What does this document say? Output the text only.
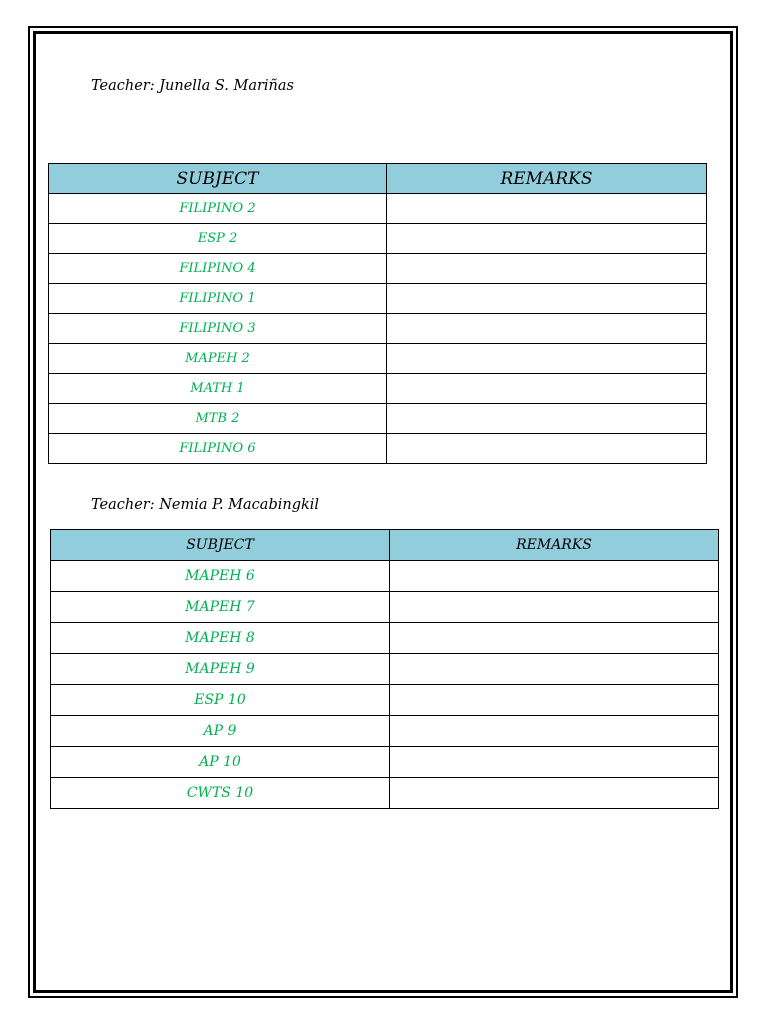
Teacher: Junella S. Mariñas
SUBJECT	REMARKS
FILIPINO 2	
ESP 2	
FILIPINO 4	
FILIPINO 1	
FILIPINO 3	
MAPEH 2	
MATH 1	
MTB 2	
FILIPINO 6	
Teacher: Nemia P. Macabingkil
SUBJECT	REMARKS
MAPEH 6	
MAPEH 7	
MAPEH 8	
MAPEH 9	
ESP 10	
AP 9	
AP 10	
CWTS 10	
